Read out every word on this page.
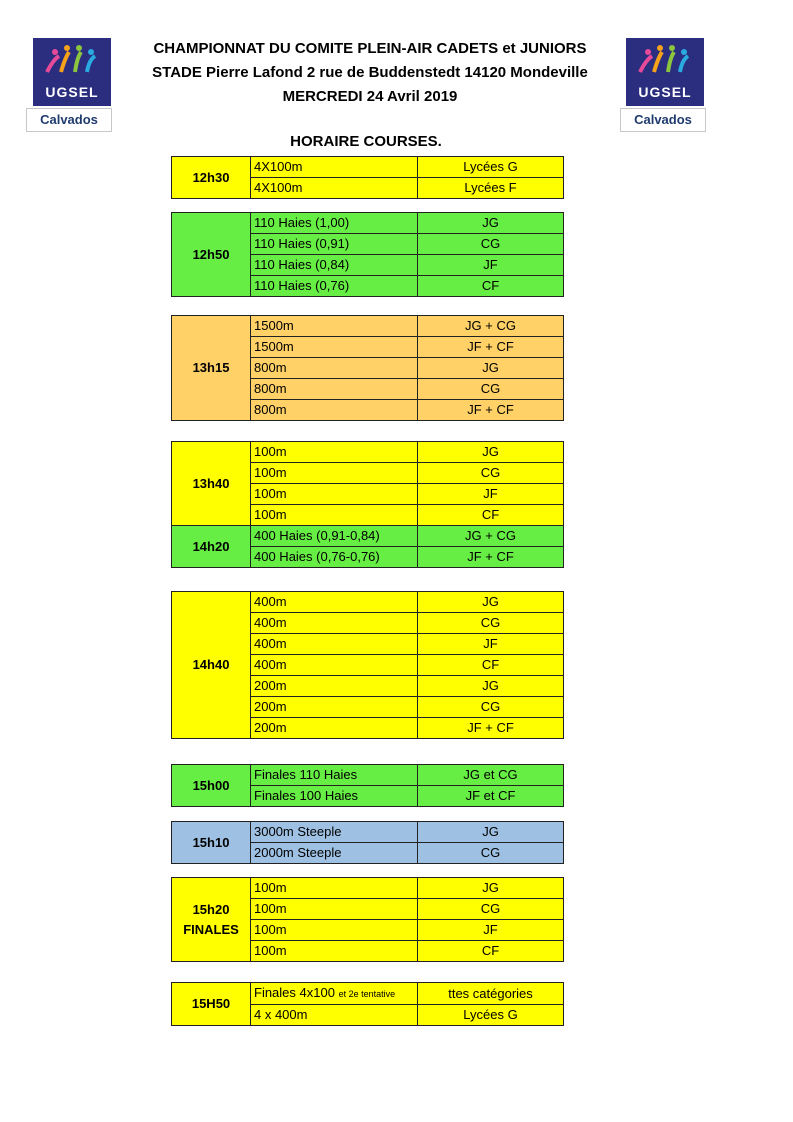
UGSEL
Calvados
UGSEL
Calvados
CHAMPIONNAT DU COMITE PLEIN-AIR CADETS et JUNIORS
STADE Pierre Lafond 2 rue de Buddenstedt 14120 Mondeville
MERCREDI 24 Avril 2019
HORAIRE COURSES.
12h30	4X100m	Lycées G
	4X100m	Lycées F
12h50	110 Haies (1,00)	JG
	110 Haies (0,91)	CG
	110 Haies (0,84)	JF
	110 Haies (0,76)	CF
13h15	1500m	JG + CG
	1500m	JF + CF
	800m	JG
	800m	CG
	800m	JF + CF
13h40	100m	JG
	100m	CG
	100m	JF
	100m	CF
14h20	400 Haies (0,91-0,84)	JG + CG
	400 Haies (0,76-0,76)	JF + CF
14h40	400m	JG
	400m	CG
	400m	JF
	400m	CF
	200m	JG
	200m	CG
	200m	JF + CF
15h00	Finales 110 Haies	JG et CG
	Finales 100 Haies	JF et CF
15h10	3000m Steeple	JG
	2000m Steeple	CG
15h20
FINALES	100m	JG
	100m	CG
	100m	JF
	100m	CF
15H50	Finales 4x100 et 2e tentative	ttes catégories
	4 x 400m	Lycées G
